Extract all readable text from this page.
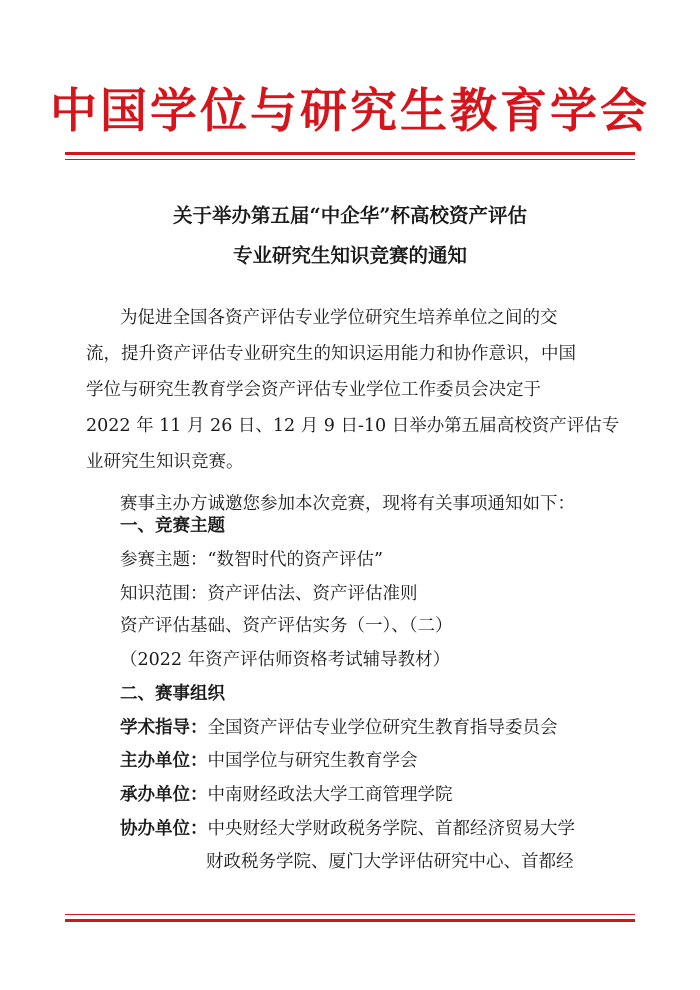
中国学位与研究生教育学会
关于举办第五届“中企华”杯高校资产评估
专业研究生知识竞赛的通知
为促进全国各资产评估专业学位研究生培养单位之间的交
流，提升资产评估专业研究生的知识运用能力和协作意识，中国
学位与研究生教育学会资产评估专业学位工作委员会决定于
2022 年 11 月 26 日、12 月 9 日-10 日举办第五届高校资产评估专
业研究生知识竞赛。
赛事主办方诚邀您参加本次竞赛，现将有关事项通知如下：
一、竞赛主题
参赛主题：“数智时代的资产评估”
知识范围：资产评估法、资产评估准则
资产评估基础、资产评估实务（一）、（二）
（2022 年资产评估师资格考试辅导教材）
二、赛事组织
学术指导：全国资产评估专业学位研究生教育指导委员会
主办单位：中国学位与研究生教育学会
承办单位：中南财经政法大学工商管理学院
协办单位：中央财经大学财政税务学院、首都经济贸易大学
财政税务学院、厦门大学评估研究中心、首都经
